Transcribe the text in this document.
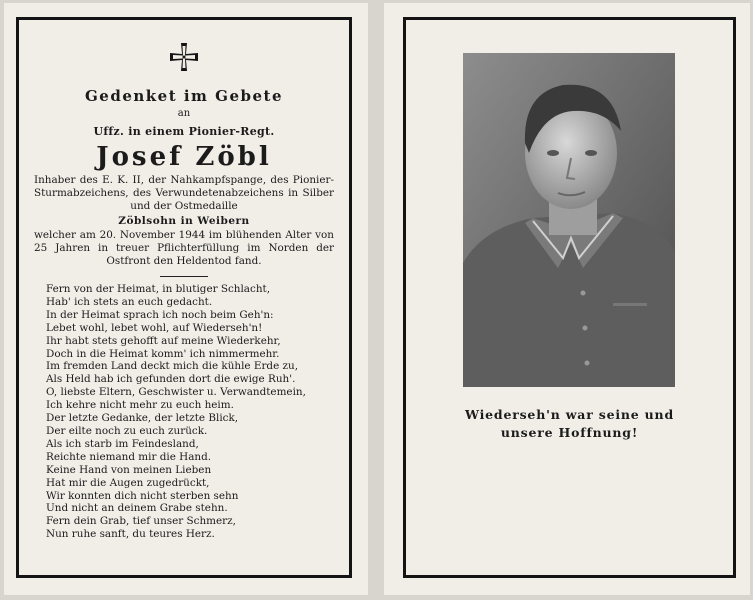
Gedenket im Gebete
an
Uffz. in einem Pionier-Regt.
Josef Zöbl
Inhaber des E. K. II, der Nahkampfspange, des Pionier-Sturmabzeichens, des Verwundetenabzeichens in Silber und der Ostmedaille
Zöblsohn in Weibern
welcher am 20. November 1944 im blühenden Alter von 25 Jahren in treuer Pflichterfüllung im Norden der Ostfront den Heldentod fand.
Fern von der Heimat, in blutiger Schlacht,
Hab' ich stets an euch gedacht.
In der Heimat sprach ich noch beim Geh'n:
Lebet wohl, lebet wohl, auf Wiederseh'n!
Ihr habt stets gehofft auf meine Wiederkehr,
Doch in die Heimat komm' ich nimmermehr.
Im fremden Land deckt mich die kühle Erde zu,
Als Held hab ich gefunden dort die ewige Ruh'.
O, liebste Eltern, Geschwister u. Verwandtemein,
Ich kehre nicht mehr zu euch heim.
Der letzte Gedanke, der letzte Blick,
Der eilte noch zu euch zurück.
Als ich starb im Feindesland,
Reichte niemand mir die Hand.
Keine Hand von meinen Lieben
Hat mir die Augen zugedrückt,
Wir konnten dich nicht sterben sehn
Und nicht an deinem Grabe stehn.
Fern dein Grab, tief unser Schmerz,
Nun ruhe sanft, du teures Herz.
Wiederseh'n war seine und
unsere Hoffnung!
